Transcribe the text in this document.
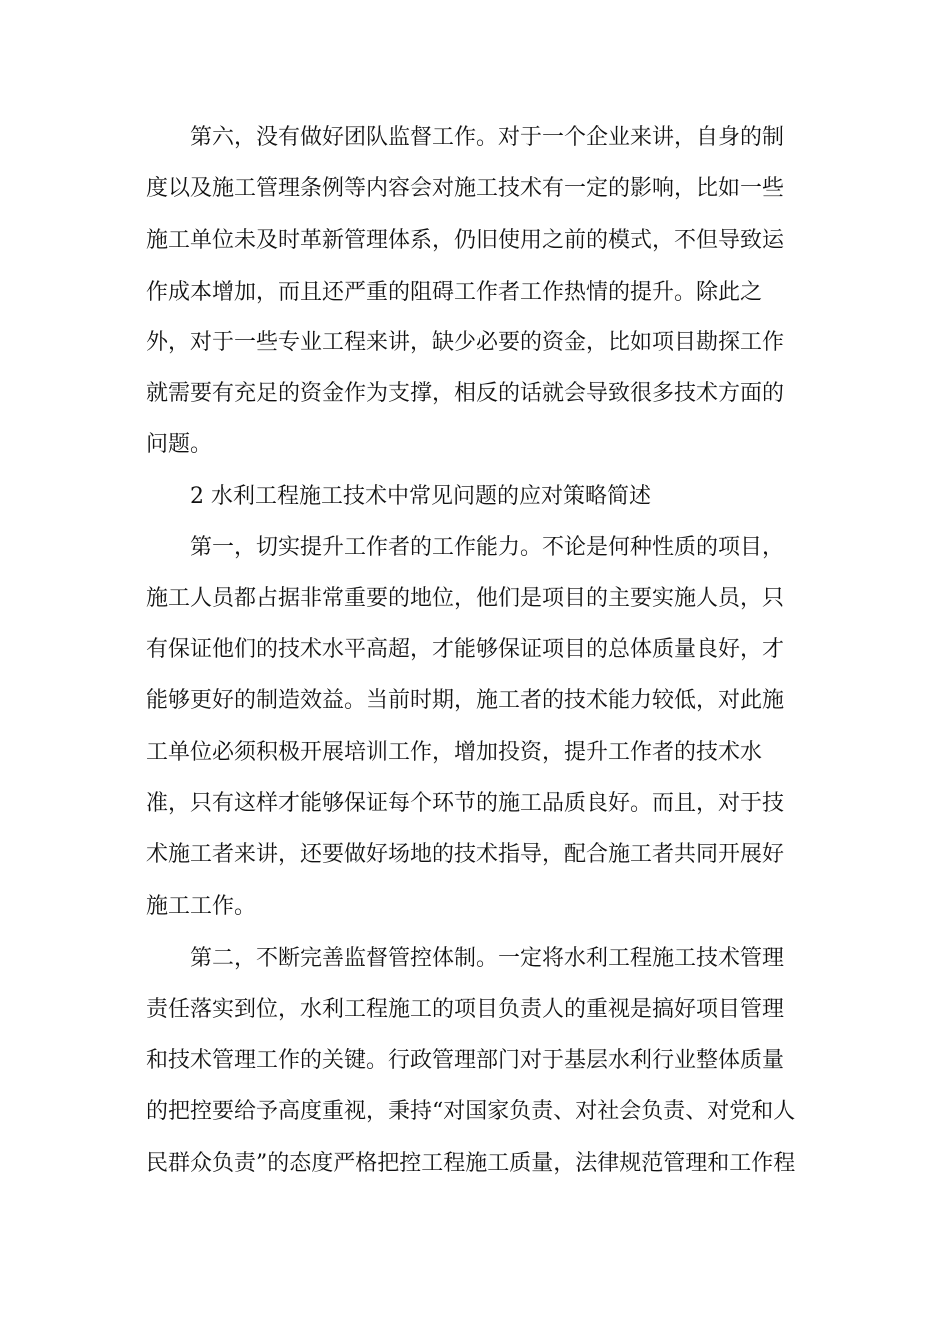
第六，没有做好团队监督工作。对于一个企业来讲，自身的制
度以及施工管理条例等内容会对施工技术有一定的影响，比如一些
施工单位未及时革新管理体系，仍旧使用之前的模式，不但导致运
作成本增加，而且还严重的阻碍工作者工作热情的提升。除此之
外，对于一些专业工程来讲，缺少必要的资金，比如项目勘探工作
就需要有充足的资金作为支撑，相反的话就会导致很多技术方面的
问题。
2 水利工程施工技术中常见问题的应对策略简述
第一，切实提升工作者的工作能力。不论是何种性质的项目，
施工人员都占据非常重要的地位，他们是项目的主要实施人员，只
有保证他们的技术水平高超，才能够保证项目的总体质量良好，才
能够更好的制造效益。当前时期，施工者的技术能力较低，对此施
工单位必须积极开展培训工作，增加投资，提升工作者的技术水
准，只有这样才能够保证每个环节的施工品质良好。而且，对于技
术施工者来讲，还要做好场地的技术指导，配合施工者共同开展好
施工工作。
第二，不断完善监督管控体制。一定将水利工程施工技术管理
责任落实到位，水利工程施工的项目负责人的重视是搞好项目管理
和技术管理工作的关键。行政管理部门对于基层水利行业整体质量
的把控要给予高度重视，秉持“对国家负责、对社会负责、对党和人
民群众负责”的态度严格把控工程施工质量，法律规范管理和工作程
